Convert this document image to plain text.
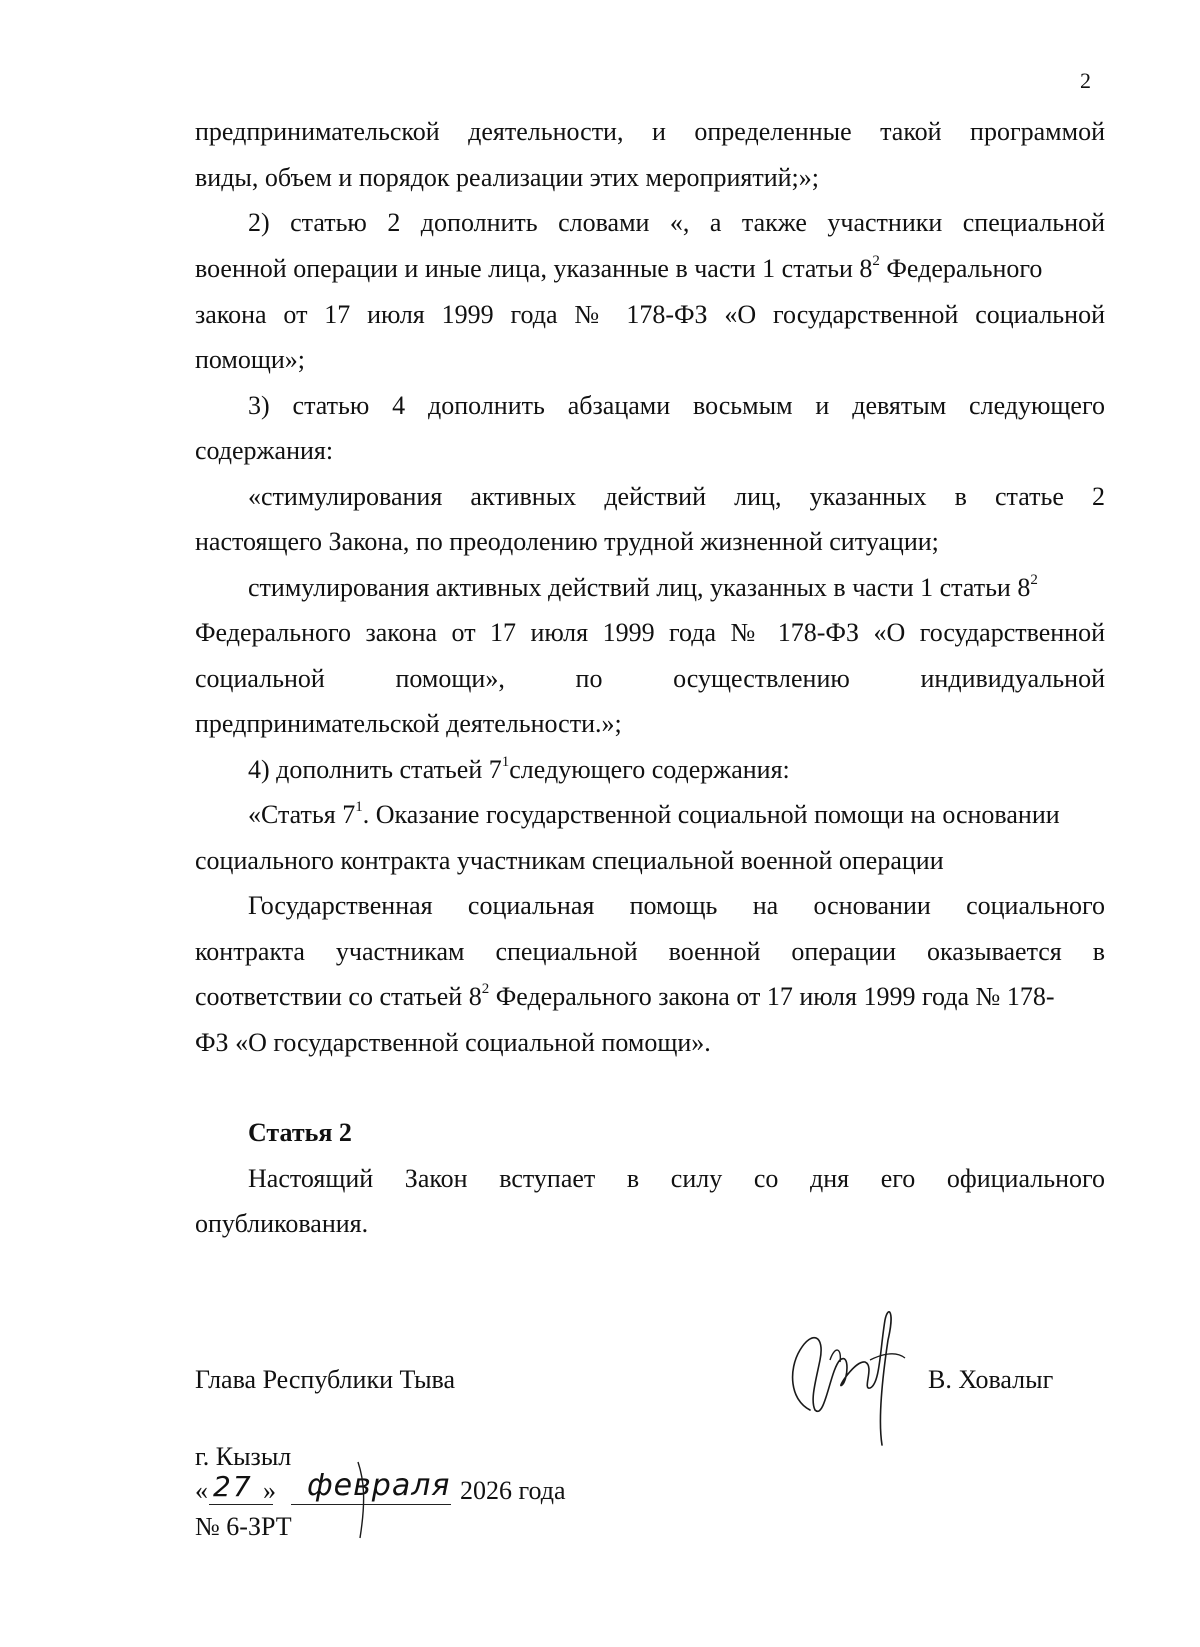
2
предпринимательской деятельности, и определенные такой программой
виды, объем и порядок реализации этих мероприятий;»;
2) статью 2 дополнить словами «, а также участники специальной
военной операции и иные лица, указанные в части 1 статьи $8^2$ Федерального
закона от 17 июля 1999 года № 178-ФЗ «О государственной социальной
помощи»;
3) статью 4 дополнить абзацами восьмым и девятым следующего
содержания:
«стимулирования активных действий лиц, указанных в статье 2
настоящего Закона, по преодолению трудной жизненной ситуации;
стимулирования активных действий лиц, указанных в части 1 статьи $8^2$
Федерального закона от 17 июля 1999 года № 178-ФЗ «О государственной
социальной помощи», по осуществлению индивидуальной
предпринимательской деятельности.»;
4) дополнить статьей $7^1следующего$ содержания:
«Статья $7^1$. Оказание государственной социальной помощи на основании
социального контракта участникам специальной военной операции
Государственная социальная помощь на основании социального
контракта участникам специальной военной операции оказывается в
соответствии со статьей $8^2$ Федерального закона от 17 июля 1999 года № 178-
ФЗ «О государственной социальной помощи».
Статья 2
Настоящий Закон вступает в силу со дня его официального
опубликования.
Глава Республики Тыва	В. Ховалыг
г. Кызыл
« 27 » февраля 2026 года
№ 6-ЗРТ
